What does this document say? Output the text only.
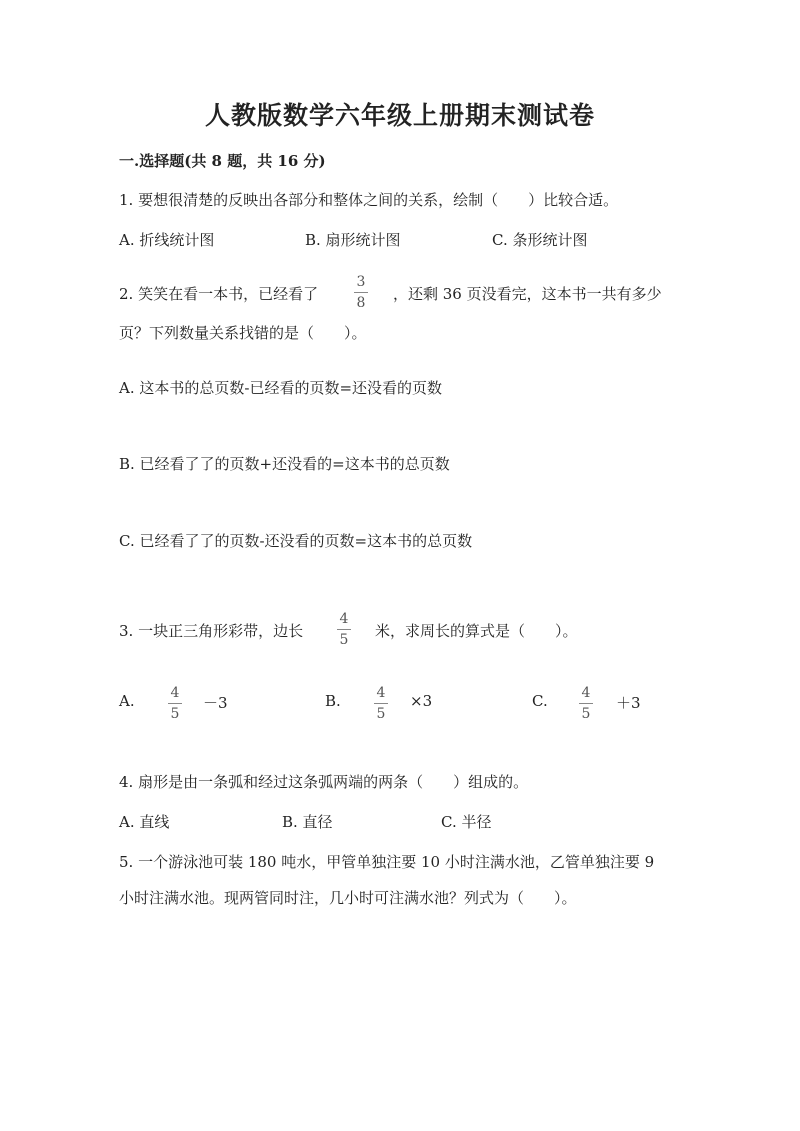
人教版数学六年级上册期末测试卷
一.选择题(共 8 题，共 16 分)
1. 要想很清楚的反映出各部分和整体之间的关系，绘制（　　）比较合适。
A. 折线统计图	B. 扇形统计图	C. 条形统计图
2. 笑笑在看一本书，已经看了
3
8 ，还剩 36 页没看完，这本书一共有多少
页？下列数量关系找错的是（　　）。
A. 这本书的总页数-已经看的页数=还没看的页数
B. 已经看了了的页数+还没看的=这本书的总页数
C. 已经看了了的页数-还没看的页数=这本书的总页数
3. 一块正三角形彩带，边长
4
5 米，求周长的算式是（　　）。
A.	4
5
－3	B.	4
5
×3	C. 4
5
＋3
4. 扇形是由一条弧和经过这条弧两端的两条（　　）组成的。
A. 直线	B. 直径	C. 半径
5. 一个游泳池可装 180 吨水，甲管单独注要 10 小时注满水池，乙管单独注要 9
小时注满水池。现两管同时注，几小时可注满水池？列式为（　　）。
